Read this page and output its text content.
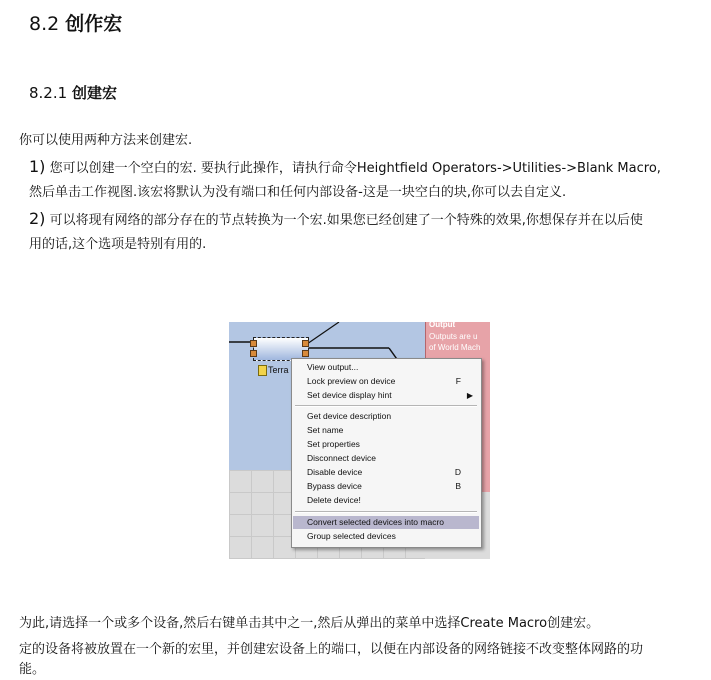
8.2 创作宏
8.2.1 创建宏
你可以使用两种方法来创建宏.
1) 您可以创建一个空白的宏. 要执行此操作，请执行命令Heightfield Operators->Utilities->Blank Macro,
然后单击工作视图.该宏将默认为没有端口和任何内部设备-这是一块空白的块,你可以去自定义.
2) 可以将现有网络的部分存在的节点转换为一个宏.如果您已经创建了一个特殊的效果,你想保存并在以后使
用的话,这个选项是特别有用的.
Output
Outputs are u
of World Mach
Terra	View output...
Lock preview on device	F
Set device display hint	▶
Get device description
Set name
Set properties
Disconnect device
Disable device	D
Bypass device	B
Delete device!
Convert selected devices into macro
Group selected devices
为此,请选择一个或多个设备,然后右键单击其中之一,然后从弹出的菜单中选择Create Macro创建宏。
定的设备将被放置在一个新的宏里，并创建宏设备上的端口，以便在内部设备的网络链接不改变整体网路的功
能。
